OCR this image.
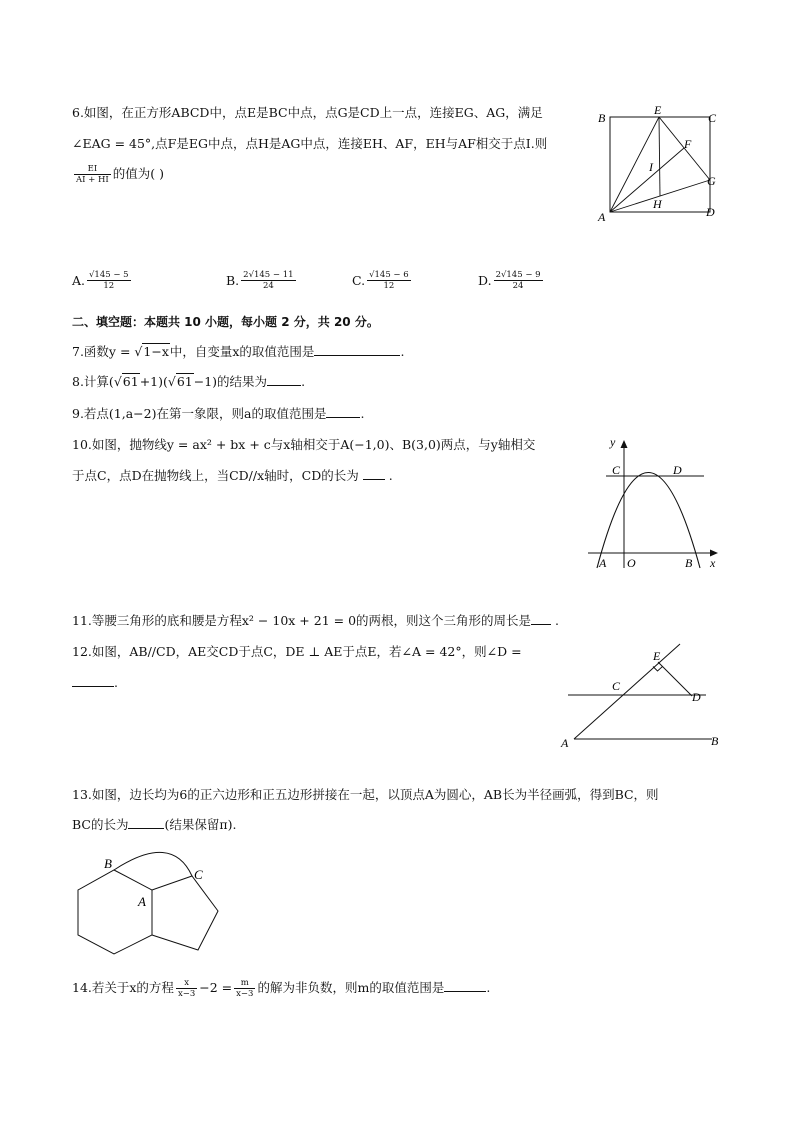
6.如图，在正方形ABCD中，点E是BC中点，点G是CD上一点，连接EG、AG，满足
∠EAG = 45°,点F是EG中点，点H是AG中点，连接EH、AF，EH与AF相交于点I.则
$\frac{EI}{AI + HI}$ 的值为( )
B
E
C
F
I
G
H
A	D
A. $\frac{√145 - 5}{12}$	B. $\frac{2√145 - 11}{24}$	C. $\frac{√145 - 6}{12}$	D. $\frac{2√145 - 9}{24}$
二、填空题：本题共 10 小题，每小题 2 分，共 20 分。
7.函数y = √1−x中，自变量x的取值范围是	.
8.计算(√61+1)(√61−1)的结果为	.
9.若点(1,a−2)在第一象限，则a的取值范围是	.
10.如图，抛物线y = ax² + bx + c与x轴相交于A(−1,0)、B(3,0)两点，与y轴相交
于点C，点D在抛物线上，当CD//x轴时，CD的长为 .
y
C	D
A O	B x
11.等腰三角形的底和腰是方程x² − 10x + 21 = 0的两根，则这个三角形的周长是 .
12.如图，AB//CD，AE交CD于点C，DE ⊥ AE于点E，若∠A = 42°，则∠D =
.
E
C
D
A	B
13.如图，边长均为6的正六边形和正五边形拼接在一起，以顶点A为圆心，AB长为半径画弧，得到BC，则
BC的长为	(结果保留π).
B
C
A
14.若关于x的方程 $\frac{x}{x-3} -2 = \frac{m}{x-3}$ 的解为非负数，则m的取值范围是	.
